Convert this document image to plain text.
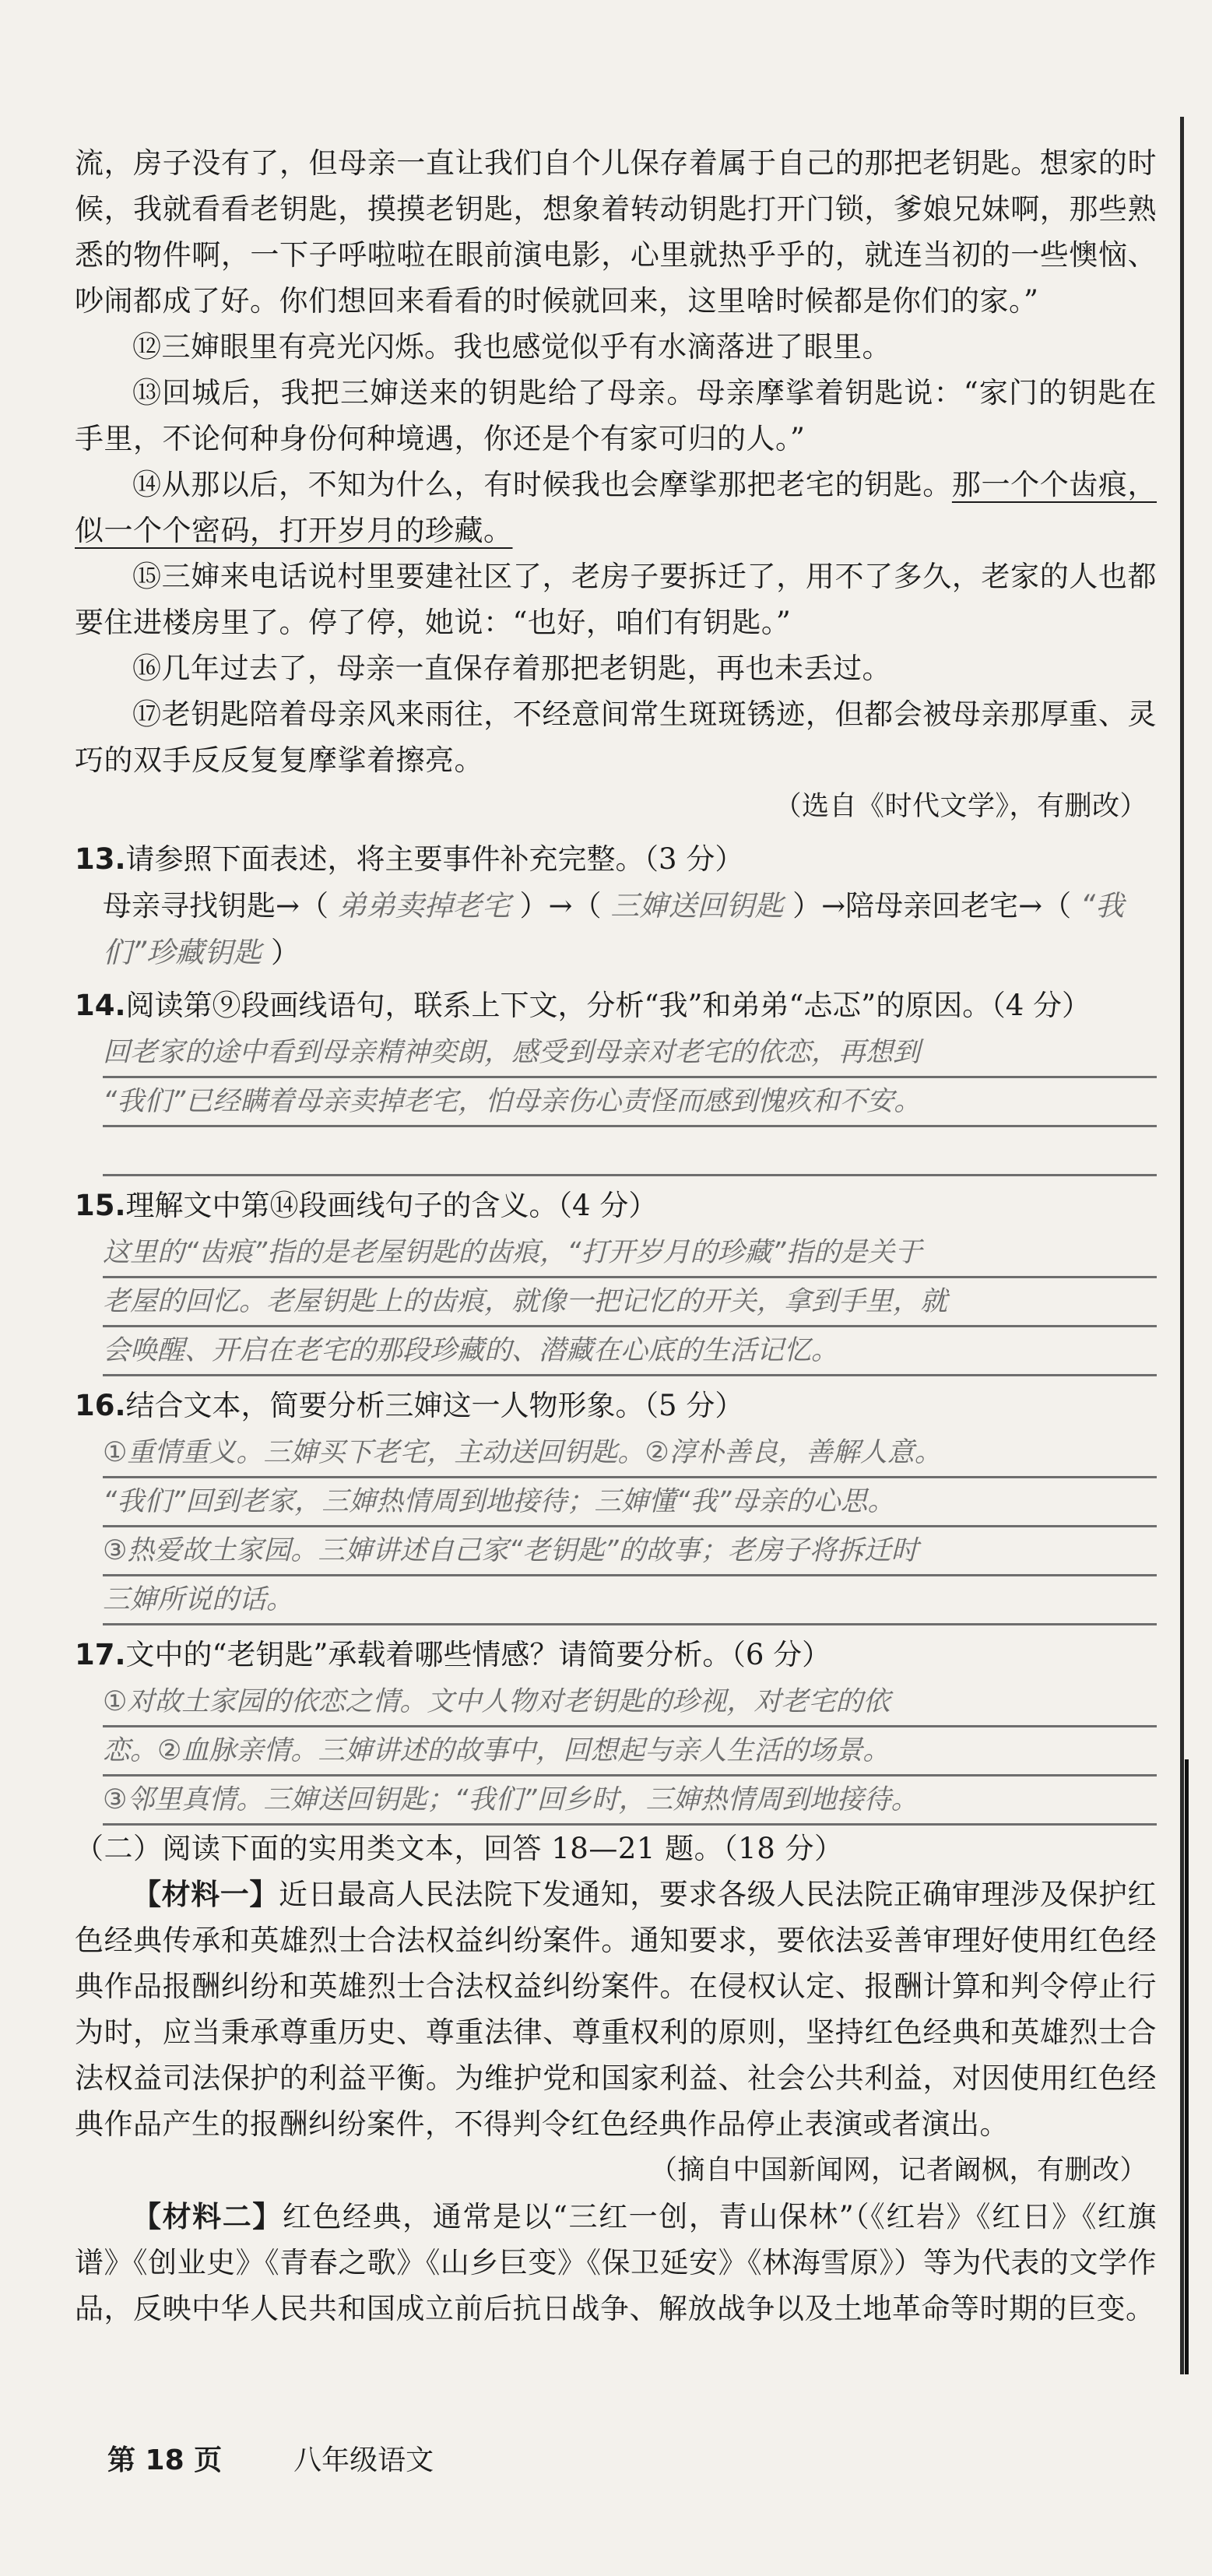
流，房子没有了，但母亲一直让我们自个儿保存着属于自己的那把老钥匙。想家的时候，我就看看老钥匙，摸摸老钥匙，想象着转动钥匙打开门锁，爹娘兄妹啊，那些熟悉的物件啊，一下子呼啦啦在眼前演电影，心里就热乎乎的，就连当初的一些懊恼、吵闹都成了好。你们想回来看看的时候就回来，这里啥时候都是你们的家。”

⑫三婶眼里有亮光闪烁。我也感觉似乎有水滴落进了眼里。

⑬回城后，我把三婶送来的钥匙给了母亲。母亲摩挲着钥匙说：“家门的钥匙在手里，不论何种身份何种境遇，你还是个有家可归的人。”

⑭从那以后，不知为什么，有时候我也会摩挲那把老宅的钥匙。那一个个齿痕，似一个个密码，打开岁月的珍藏。

⑮三婶来电话说村里要建社区了，老房子要拆迁了，用不了多久，老家的人也都要住进楼房里了。停了停，她说：“也好，咱们有钥匙。”

⑯几年过去了，母亲一直保存着那把老钥匙，再也未丢过。

⑰老钥匙陪着母亲风来雨往，不经意间常生斑斑锈迹，但都会被母亲那厚重、灵巧的双手反反复复摩挲着擦亮。

（选自《时代文学》，有删改）
13.请参照下面表述，将主要事件补充完整。（3 分）
母亲寻找钥匙→（ 弟弟卖掉老宅 ）→（ 三婶送回钥匙 ）→陪母亲回老宅→（ “我们”珍藏钥匙 ）
14.阅读第⑨段画线语句，联系上下文，分析“我”和弟弟“忐忑”的原因。（4 分）
回老家的途中看到母亲精神奕朗，感受到母亲对老宅的依恋，再想到
“我们”已经瞒着母亲卖掉老宅，怕母亲伤心责怪而感到愧疚和不安。
15.理解文中第⑭段画线句子的含义。（4 分）
这里的“齿痕”指的是老屋钥匙的齿痕，“打开岁月的珍藏”指的是关于
老屋的回忆。老屋钥匙上的齿痕，就像一把记忆的开关，拿到手里，就
会唤醒、开启在老宅的那段珍藏的、潜藏在心底的生活记忆。
16.结合文本，简要分析三婶这一人物形象。（5 分）
①重情重义。三婶买下老宅，主动送回钥匙。②淳朴善良，善解人意。
“我们”回到老家，三婶热情周到地接待；三婶懂“我”母亲的心思。
③热爱故土家园。三婶讲述自己家“老钥匙”的故事；老房子将拆迁时
三婶所说的话。
17.文中的“老钥匙”承载着哪些情感？请简要分析。（6 分）
①对故土家园的依恋之情。文中人物对老钥匙的珍视，对老宅的依
恋。②血脉亲情。三婶讲述的故事中，回想起与亲人生活的场景。
③邻里真情。三婶送回钥匙；“我们”回乡时，三婶热情周到地接待。
（二）阅读下面的实用类文本，回答 18—21 题。（18 分）

【材料一】近日最高人民法院下发通知，要求各级人民法院正确审理涉及保护红色经典传承和英雄烈士合法权益纠纷案件。通知要求，要依法妥善审理好使用红色经典作品报酬纠纷和英雄烈士合法权益纠纷案件。在侵权认定、报酬计算和判令停止行为时，应当秉承尊重历史、尊重法律、尊重权利的原则，坚持红色经典和英雄烈士合法权益司法保护的利益平衡。为维护党和国家利益、社会公共利益，对因使用红色经典作品产生的报酬纠纷案件，不得判令红色经典作品停止表演或者演出。

（摘自中国新闻网，记者阚枫，有删改）

【材料二】红色经典，通常是以“三红一创，青山保林”（《红岩》《红日》《红旗谱》《创业史》《青春之歌》《山乡巨变》《保卫延安》《林海雪原》）等为代表的文学作品，反映中华人民共和国成立前后抗日战争、解放战争以及土地革命等时期的巨变。

第 18 页	八年级语文
